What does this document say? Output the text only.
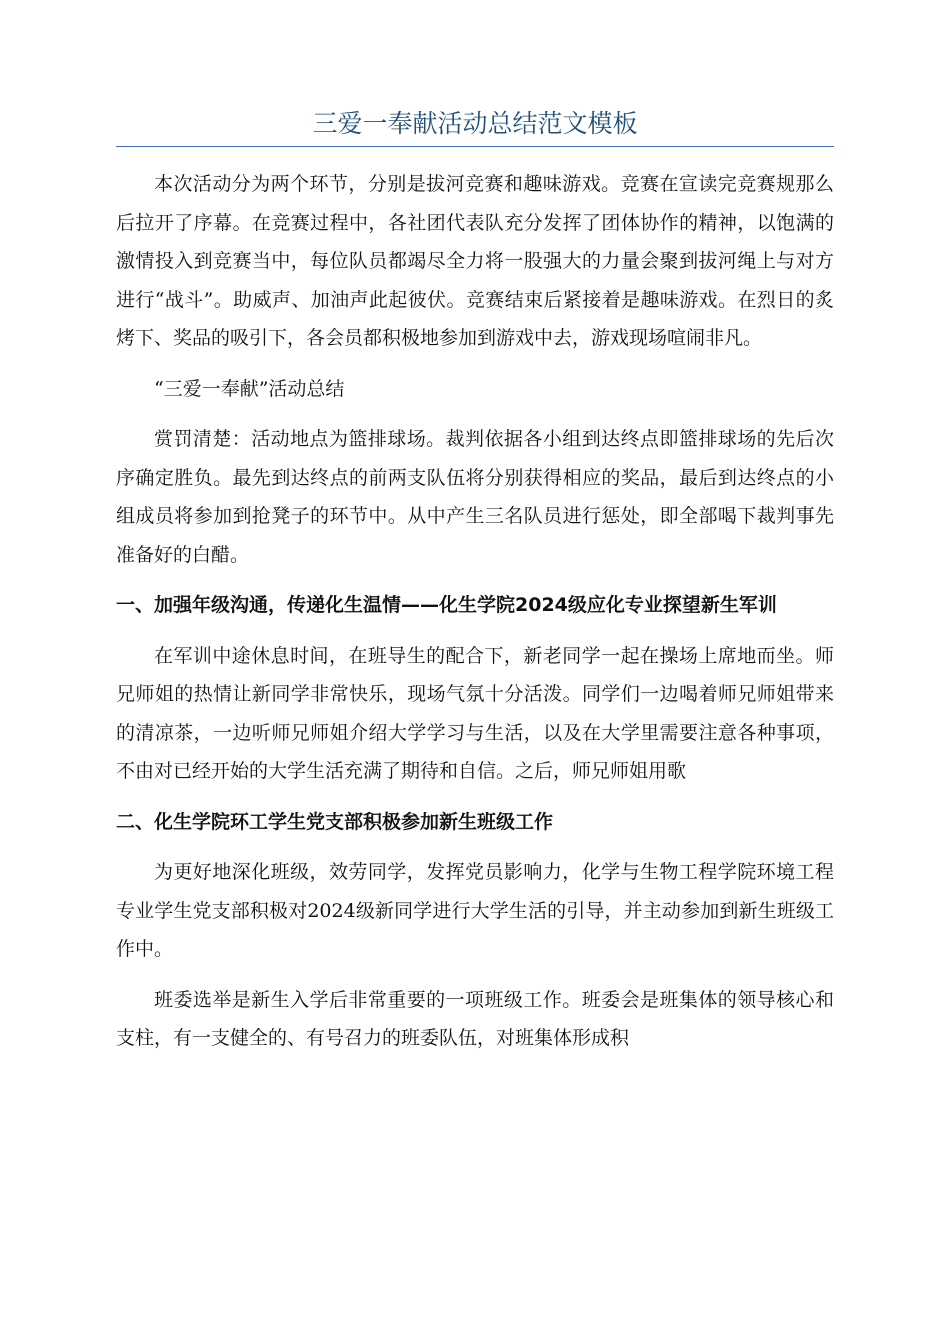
三爱一奉献活动总结范文模板

本次活动分为两个环节，分别是拔河竞赛和趣味游戏。竞赛在宣读完竞赛规那么后拉开了序幕。在竞赛过程中，各社团代表队充分发挥了团体协作的精神，以饱满的激情投入到竞赛当中，每位队员都竭尽全力将一股强大的力量会聚到拔河绳上与对方进行“战斗”。助威声、加油声此起彼伏。竞赛结束后紧接着是趣味游戏。在烈日的炙烤下、奖品的吸引下，各会员都积极地参加到游戏中去，游戏现场喧闹非凡。

“三爱一奉献”活动总结

赏罚清楚：活动地点为篮排球场。裁判依据各小组到达终点即篮排球场的先后次序确定胜负。最先到达终点的前两支队伍将分别获得相应的奖品，最后到达终点的小组成员将参加到抢凳子的环节中。从中产生三名队员进行惩处，即全部喝下裁判事先准备好的白醋。

一、加强年级沟通，传递化生温情——化生学院2024级应化专业探望新生军训

在军训中途休息时间，在班导生的配合下，新老同学一起在操场上席地而坐。师兄师姐的热情让新同学非常快乐，现场气氛十分活泼。同学们一边喝着师兄师姐带来的清凉茶，一边听师兄师姐介绍大学学习与生活，以及在大学里需要注意各种事项，不由对已经开始的大学生活充满了期待和自信。之后，师兄师姐用歌

二、化生学院环工学生党支部积极参加新生班级工作

为更好地深化班级，效劳同学，发挥党员影响力，化学与生物工程学院环境工程专业学生党支部积极对2024级新同学进行大学生活的引导，并主动参加到新生班级工作中。

班委选举是新生入学后非常重要的一项班级工作。班委会是班集体的领导核心和支柱，有一支健全的、有号召力的班委队伍，对班集体形成积
